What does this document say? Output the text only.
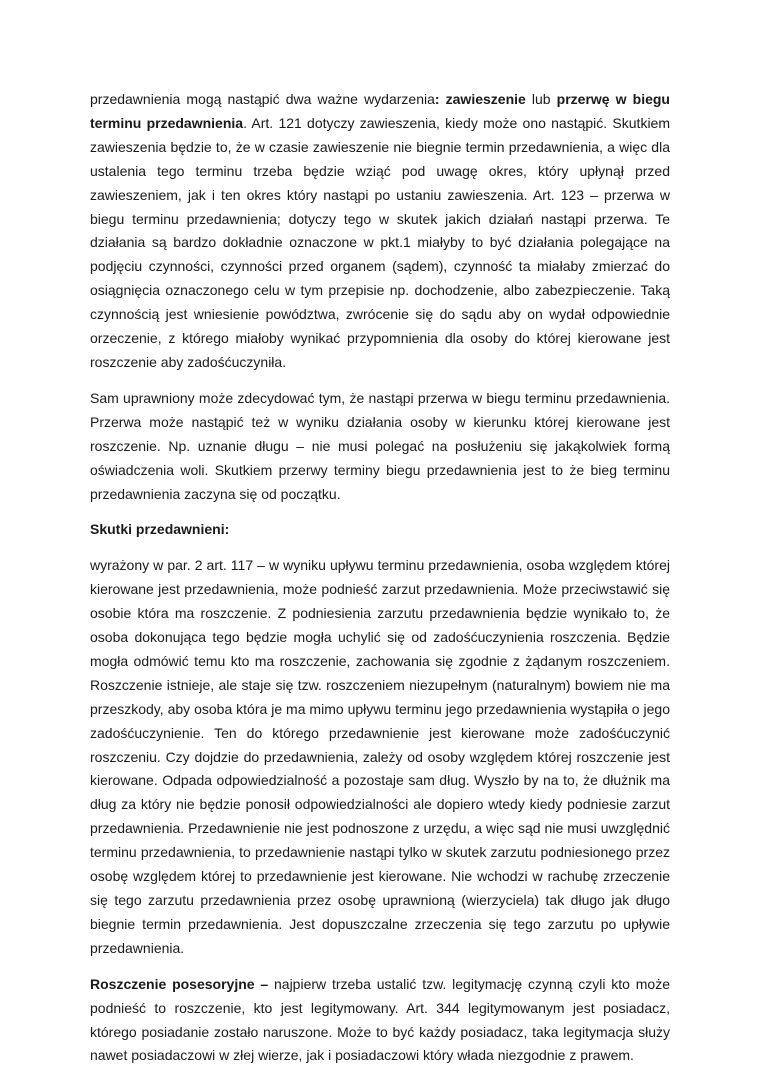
przedawnienia mogą nastąpić dwa ważne wydarzenia: zawieszenie lub przerwę w biegu terminu przedawnienia. Art. 121 dotyczy zawieszenia, kiedy może ono nastąpić. Skutkiem zawieszenia będzie to, że w czasie zawieszenie nie biegnie termin przedawnienia, a więc dla ustalenia tego terminu trzeba będzie wziąć pod uwagę okres, który upłynął przed zawieszeniem, jak i ten okres który nastąpi po ustaniu zawieszenia. Art. 123 – przerwa w biegu terminu przedawnienia; dotyczy tego w skutek jakich działań nastąpi przerwa. Te działania są bardzo dokładnie oznaczone w pkt.1 miałyby to być działania polegające na podjęciu czynności, czynności przed organem (sądem), czynność ta miałaby zmierzać do osiągnięcia oznaczonego celu w tym przepisie np. dochodzenie, albo zabezpieczenie. Taką czynnością jest wniesienie powództwa, zwrócenie się do sądu aby on wydał odpowiednie orzeczenie, z którego miałoby wynikać przypomnienia dla osoby do której kierowane jest roszczenie aby zadośćuczyniła.

Sam uprawniony może zdecydować tym, że nastąpi przerwa w biegu terminu przedawnienia. Przerwa może nastąpić też w wyniku działania osoby w kierunku której kierowane jest roszczenie. Np. uznanie długu – nie musi polegać na posłużeniu się jakąkolwiek formą oświadczenia woli. Skutkiem przerwy terminy biegu przedawnienia jest to że bieg terminu przedawnienia zaczyna się od początku.

Skutki przedawnieni:

wyrażony w par. 2 art. 117 – w wyniku upływu terminu przedawnienia, osoba względem której kierowane jest przedawnienia, może podnieść zarzut przedawnienia. Może przeciwstawić się osobie która ma roszczenie. Z podniesienia zarzutu przedawnienia będzie wynikało to, że osoba dokonująca tego będzie mogła uchylić się od zadośćuczynienia roszczenia. Będzie mogła odmówić temu kto ma roszczenie, zachowania się zgodnie z żądanym roszczeniem. Roszczenie istnieje, ale staje się tzw. roszczeniem niezupełnym (naturalnym) bowiem nie ma przeszkody, aby osoba która je ma mimo upływu terminu jego przedawnienia wystąpiła o jego zadośćuczynienie. Ten do którego przedawnienie jest kierowane może zadośćuczynić roszczeniu. Czy dojdzie do przedawnienia, zależy od osoby względem której roszczenie jest kierowane. Odpada odpowiedzialność a pozostaje sam dług. Wyszło by na to, że dłużnik ma dług za który nie będzie ponosił odpowiedzialności ale dopiero wtedy kiedy podniesie zarzut przedawnienia. Przedawnienie nie jest podnoszone z urzędu, a więc sąd nie musi uwzględnić terminu przedawnienia, to przedawnienie nastąpi tylko w skutek zarzutu podniesionego przez osobę względem której to przedawnienie jest kierowane. Nie wchodzi w rachubę zrzeczenie się tego zarzutu przedawnienia przez osobę uprawnioną (wierzyciela) tak długo jak długo biegnie termin przedawnienia. Jest dopuszczalne zrzeczenia się tego zarzutu po upływie przedawnienia.

Roszczenie posesoryjne – najpierw trzeba ustalić tzw. legitymację czynną czyli kto może podnieść to roszczenie, kto jest legitymowany. Art. 344 legitymowanym jest posiadacz, którego posiadanie zostało naruszone. Może to być każdy posiadacz, taka legitymacja służy nawet posiadaczowi w złej wierze, jak i posiadaczowi który włada niezgodnie z prawem.
